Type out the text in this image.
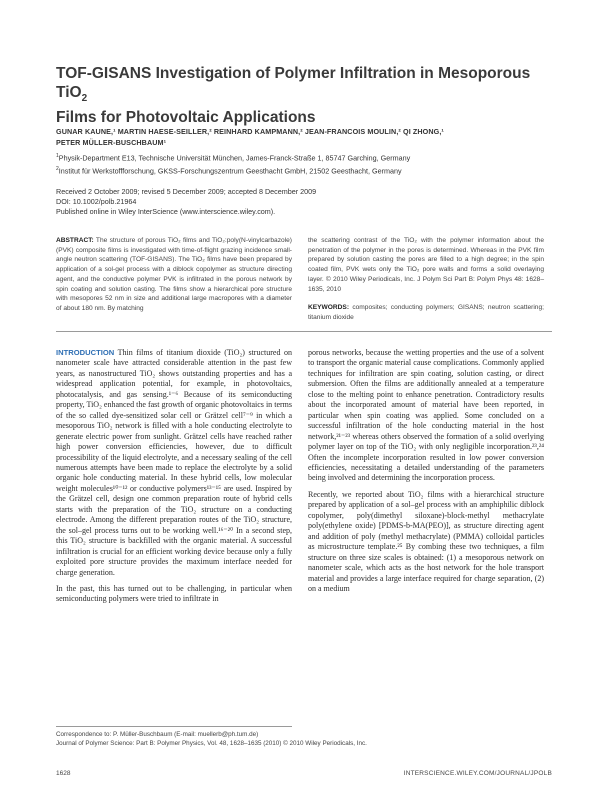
TOF-GISANS Investigation of Polymer Infiltration in Mesoporous TiO$_2$
Films for Photovoltaic Applications
GUNAR KAUNE,¹ MARTIN HAESE-SEILLER,² REINHARD KAMPMANN,² JEAN-FRANCOIS MOULIN,² QI ZHONG,¹
PETER MÜLLER-BUSCHBAUM¹
$^1$Physik-Department E13, Technische Universität München, James-Franck-Straße 1, 85747 Garching, Germany
$^2$Institut für Werkstoffforschung, GKSS-Forschungszentrum Geesthacht GmbH, 21502 Geesthacht, Germany
Received 2 October 2009; revised 5 December 2009; accepted 8 December 2009
DOI: 10.1002/polb.21964
Published online in Wiley InterScience (www.interscience.wiley.com).
ABSTRACT: The structure of porous TiO₂ films and TiO₂:poly(N-vinylcarbazole) (PVK) composite films is investigated with time-of-flight grazing incidence small-angle neutron scattering (TOF-GISANS). The TiO₂ films have been prepared by application of a sol-gel process with a diblock copolymer as structure directing agent, and the conductive polymer PVK is infiltrated in the porous network by spin coating and solution casting. The films show a hierarchical pore structure with mesopores 52 nm in size and additional large macropores with a diameter of about 180 nm. By matching
the scattering contrast of the TiO₂ with the polymer information about the penetration of the polymer in the pores is determined. Whereas in the PVK film prepared by solution casting the pores are filled to a high degree; in the spin coated film, PVK wets only the TiO₂ pore walls and forms a solid overlaying layer. © 2010 Wiley Periodicals, Inc. J Polym Sci Part B: Polym Phys 48: 1628–1635, 2010
KEYWORDS: composites; conducting polymers; GISANS; neutron scattering; titanium dioxide

INTRODUCTION Thin films of titanium dioxide (TiO₂) structured on nanometer scale have attracted considerable attention in the past few years, as nanostructured TiO₂ shows outstanding properties and has a widespread application potential, for example, in photovoltaics, photocatalysis, and gas sensing.¹⁻⁶ Because of its semiconducting property, TiO₂ enhanced the fast growth of organic photovoltaics in terms of the so called dye-sensitized solar cell or Grätzel cell⁷⁻⁹ in which a mesoporous TiO₂ network is filled with a hole conducting electrolyte to generate electric power from sunlight. Grätzel cells have reached rather high power conversion efficiencies, however, due to difficult processibility of the liquid electrolyte, and a necessary sealing of the cell numerous attempts have been made to replace the electrolyte by a solid organic hole conducting material. In these hybrid cells, low molecular weight molecules¹⁰⁻¹² or conductive polymers¹³⁻¹⁵ are used. Inspired by the Grätzel cell, design one common preparation route of hybrid cells starts with the preparation of the TiO₂ structure on a conducting electrode. Among the different preparation routes of the TiO₂ structure, the sol–gel process turns out to be working well.¹⁶⁻²⁰ In a second step, this TiO₂ structure is backfilled with the organic material. A successful infiltration is crucial for an efficient working device because only a fully exploited pore structure provides the maximum interface needed for charge generation.

In the past, this has turned out to be challenging, in particular when semiconducting polymers were tried to infiltrate in

porous networks, because the wetting properties and the use of a solvent to transport the organic material cause complications. Commonly applied techniques for infiltration are spin coating, solution casting, or direct submersion. Often the films are additionally annealed at a temperature close to the melting point to enhance penetration. Contradictory results about the incorporated amount of material have been reported, in particular when spin coating was applied. Some concluded on a successful infiltration of the hole conducting material in the host network,²¹⁻²³ whereas others observed the formation of a solid overlying polymer layer on top of the TiO₂ with only negligible incorporation.²³,²⁴ Often the incomplete incorporation resulted in low power conversion efficiencies, necessitating a detailed understanding of the parameters being involved and determining the incorporation process.

Recently, we reported about TiO₂ films with a hierarchical structure prepared by application of a sol–gel process with an amphiphilic diblock copolymer, poly(dimethyl siloxane)-block-methyl methacrylate poly(ethylene oxide) [PDMS-b-MA(PEO)], as structure directing agent and addition of poly (methyl methacrylate) (PMMA) colloidal particles as microstructure template.²⁵ By combing these two techniques, a film structure on three size scales is obtained: (1) a mesoporous network on nanometer scale, which acts as the host network for the hole transport material and provides a large interface required for charge separation, (2) on a medium

Correspondence to: P. Müller-Buschbaum (E-mail: muellerb@ph.tum.de)
Journal of Polymer Science: Part B: Polymer Physics, Vol. 48, 1628–1635 (2010) © 2010 Wiley Periodicals, Inc.
1628	INTERSCIENCE.WILEY.COM/JOURNAL/JPOLB
